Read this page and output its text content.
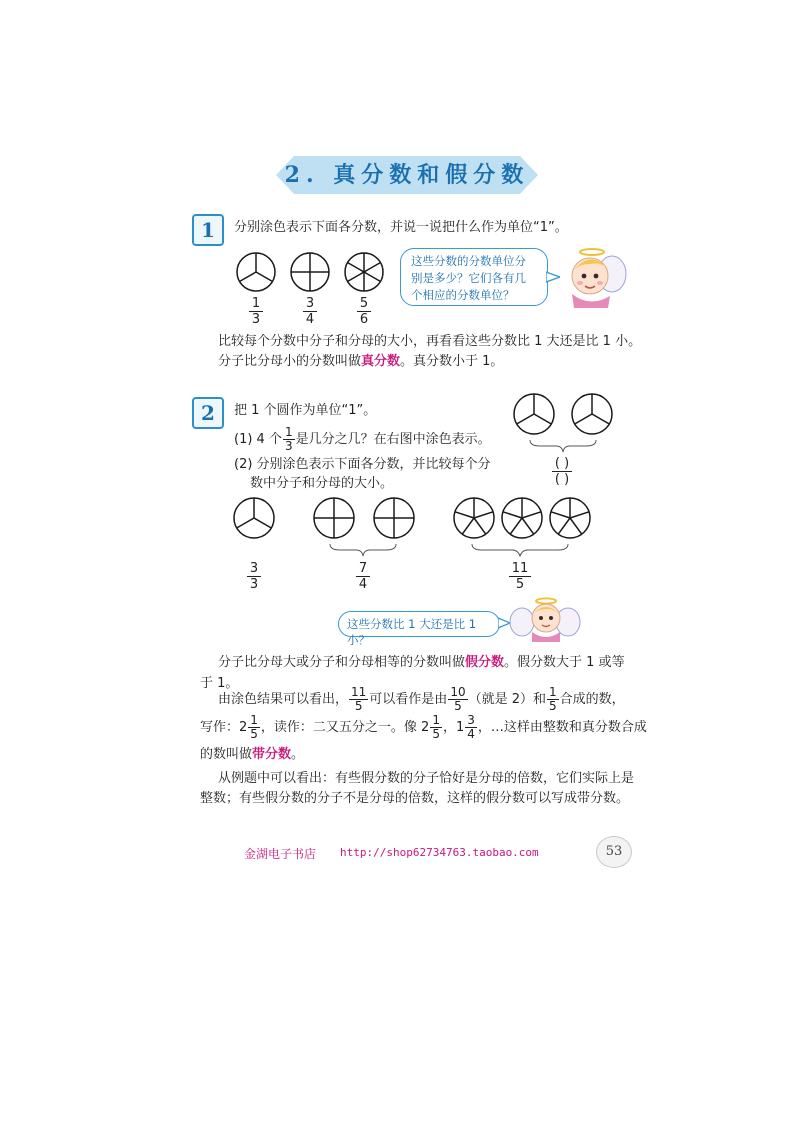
2. 真分数和假分数
1	分别涂色表示下面各分数，并说一说把什么作为单位“1”。
$\frac{1}{3} \frac{3}{4} \frac{5}{6}$
这些分数的分数单位分
别是多少？它们各有几
个相应的分数单位？
比较每个分数中分子和分母的大小，再看看这些分数比 1 大还是比 1 小。
分子比分母小的分数叫做真分数。真分数小于 1。
2	把 1 个圆作为单位“1”。
(1) 4 个 $\frac{1}{3}$ 是几分之几？在右图中涂色表示。
(2) 分别涂色表示下面各分数，并比较每个分
数中分子和分母的大小。
( )
( )
$\frac{3}{3}$	$\frac{7}{4}$	$\frac{11}{5}$
这些分数比 1 大还是比 1 小？
分子比分母大或分子和分母相等的分数叫做假分数。假分数大于 1 或等
于 1。
由涂色结果可以看出， $\frac{11}{5}$ 可以看作是由 $\frac{10}{5}$ （就是 2）和 $\frac{1}{5}$ 合成的数，
写作：$2 \frac{1}{5}$ ，读作：二又五分之一。像 $2 \frac{1}{5}$ ，$1 \frac{3}{4}$ ，…这样由整数和真分数合成
的数叫做带分数。
从例题中可以看出：有些假分数的分子恰好是分母的倍数，它们实际上是
整数；有些假分数的分子不是分母的倍数，这样的假分数可以写成带分数。
金湖电子书店 http://shop62734763.taobao.com	53
